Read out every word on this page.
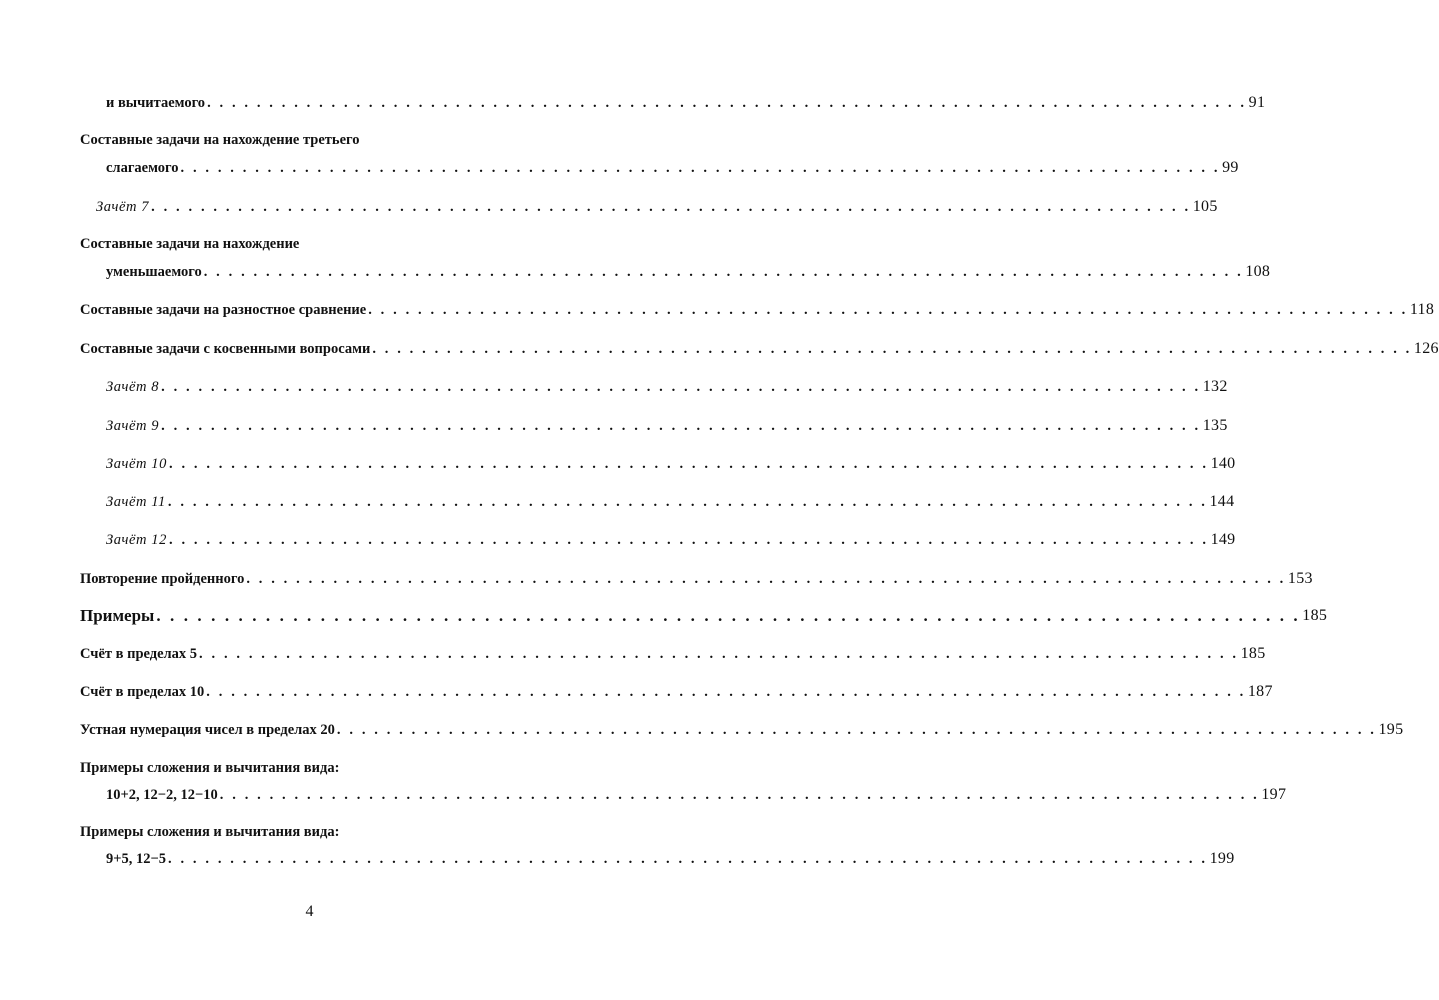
и вычитаемого . . . . . . . . . . . . . . . . . . . . . . . . . . . . . . . . . . . . . . . . . . . . . . . . . . . . . . . . . . . . . . . . . . . . . . . . . . . . . . . . . . . . 91
Составные задачи на нахождение третьего
слагаемого . . . . . . . . . . . . . . . . . . . . . . . . . . . . . . . . . . . . . . . . . . . . . . . . . . . . . . . . . . . . . . . . . . . . . . . . . . . . . . . . . . . . 99
Зачёт 7 . . . . . . . . . . . . . . . . . . . . . . . . . . . . . . . . . . . . . . . . . . . . . . . . . . . . . . . . . . . . . . . . . . . . . . . . . . . . . . . . . . . . 105
Составные задачи на нахождение
уменьшаемого . . . . . . . . . . . . . . . . . . . . . . . . . . . . . . . . . . . . . . . . . . . . . . . . . . . . . . . . . . . . . . . . . . . . . . . . . . . . . . . . . . . . 108
Составные задачи на разностное сравнение . . . . . . . . . . . . . . . . . . . . . . . . . . . . . . . . . . . . . . . . . . . . . . . . . . . . . . . . . . . . . . . . . . . . . . . . . . . . . . . . . . . . 118
Составные задачи с косвенными вопросами . . . . . . . . . . . . . . . . . . . . . . . . . . . . . . . . . . . . . . . . . . . . . . . . . . . . . . . . . . . . . . . . . . . . . . . . . . . . . . . . . . . . 126
Зачёт 8 . . . . . . . . . . . . . . . . . . . . . . . . . . . . . . . . . . . . . . . . . . . . . . . . . . . . . . . . . . . . . . . . . . . . . . . . . . . . . . . . . . . . 132
Зачёт 9 . . . . . . . . . . . . . . . . . . . . . . . . . . . . . . . . . . . . . . . . . . . . . . . . . . . . . . . . . . . . . . . . . . . . . . . . . . . . . . . . . . . . 135
Зачёт 10 . . . . . . . . . . . . . . . . . . . . . . . . . . . . . . . . . . . . . . . . . . . . . . . . . . . . . . . . . . . . . . . . . . . . . . . . . . . . . . . . . . . . 140
Зачёт 11 . . . . . . . . . . . . . . . . . . . . . . . . . . . . . . . . . . . . . . . . . . . . . . . . . . . . . . . . . . . . . . . . . . . . . . . . . . . . . . . . . . . . 144
Зачёт 12 . . . . . . . . . . . . . . . . . . . . . . . . . . . . . . . . . . . . . . . . . . . . . . . . . . . . . . . . . . . . . . . . . . . . . . . . . . . . . . . . . . . . 149
Повторение пройденного . . . . . . . . . . . . . . . . . . . . . . . . . . . . . . . . . . . . . . . . . . . . . . . . . . . . . . . . . . . . . . . . . . . . . . . . . . . . . . . . . . . . 153
Примеры . . . . . . . . . . . . . . . . . . . . . . . . . . . . . . . . . . . . . . . . . . . . . . . . . . . . . . . . . . . . . . . . . . . . . . . . . . . . . . . . . . . . 185
Счёт в пределах 5 . . . . . . . . . . . . . . . . . . . . . . . . . . . . . . . . . . . . . . . . . . . . . . . . . . . . . . . . . . . . . . . . . . . . . . . . . . . . . . . . . . . . 185
Счёт в пределах 10 . . . . . . . . . . . . . . . . . . . . . . . . . . . . . . . . . . . . . . . . . . . . . . . . . . . . . . . . . . . . . . . . . . . . . . . . . . . . . . . . . . . . 187
Устная нумерация чисел в пределах 20 . . . . . . . . . . . . . . . . . . . . . . . . . . . . . . . . . . . . . . . . . . . . . . . . . . . . . . . . . . . . . . . . . . . . . . . . . . . . . . . . . . . . 195
Примеры сложения и вычитания вида:
10+2, 12−2, 12−10 . . . . . . . . . . . . . . . . . . . . . . . . . . . . . . . . . . . . . . . . . . . . . . . . . . . . . . . . . . . . . . . . . . . . . . . . . . . . . . . . . . . . 197
Примеры сложения и вычитания вида:
9+5, 12−5 . . . . . . . . . . . . . . . . . . . . . . . . . . . . . . . . . . . . . . . . . . . . . . . . . . . . . . . . . . . . . . . . . . . . . . . . . . . . . . . . . . . . 199
4
